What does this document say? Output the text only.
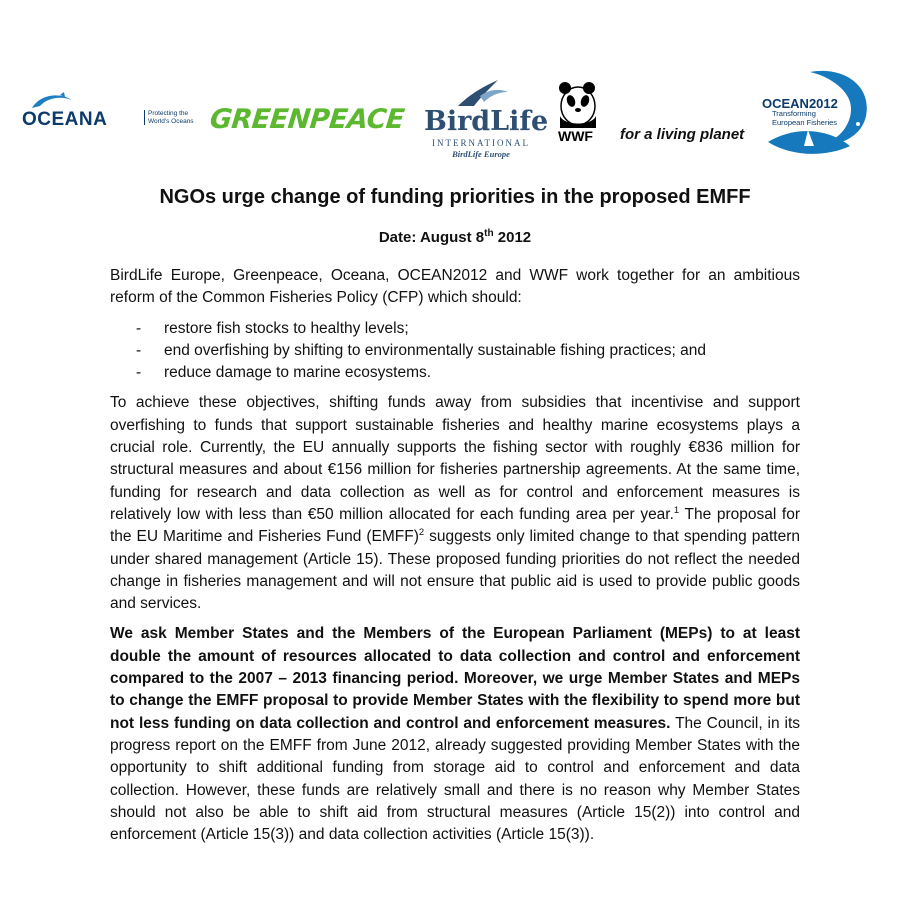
OCEANA	Protecting the World's Oceans GREENPEACE BirdLife
INTERNATIONAL
BirdLife Europe
WWF for a living planet
OCEAN2012
Transforming
European Fisheries
NGOs urge change of funding priorities in the proposed EMFF
Date: August 8th 2012

BirdLife Europe, Greenpeace, Oceana, OCEAN2012 and WWF work together for an ambitious reform of the Common Fisheries Policy (CFP) which should:

- restore fish stocks to healthy levels;
- end overfishing by shifting to environmentally sustainable fishing practices; and
- reduce damage to marine ecosystems.

To achieve these objectives, shifting funds away from subsidies that incentivise and support overfishing to funds that support sustainable fisheries and healthy marine ecosystems plays a crucial role. Currently, the EU annually supports the fishing sector with roughly €836 million for structural measures and about €156 million for fisheries partnership agreements. At the same time, funding for research and data collection as well as for control and enforcement measures is relatively low with less than €50 million allocated for each funding area per year.$^1$ The proposal for the EU Maritime and Fisheries Fund (EMFF)$^2$ suggests only limited change to that spending pattern under shared management (Article 15). These proposed funding priorities do not reflect the needed change in fisheries management and will not ensure that public aid is used to provide public goods and services.

We ask Member States and the Members of the European Parliament (MEPs) to at least double the amount of resources allocated to data collection and control and enforcement compared to the 2007 – 2013 financing period. Moreover, we urge Member States and MEPs to change the EMFF proposal to provide Member States with the flexibility to spend more but not less funding on data collection and control and enforcement measures. The Council, in its progress report on the EMFF from June 2012, already suggested providing Member States with the opportunity to shift additional funding from storage aid to control and enforcement and data collection. However, these funds are relatively small and there is no reason why Member States should not also be able to shift aid from structural measures (Article 15(2)) into control and enforcement (Article 15(3)) and data collection activities (Article 15(3)).
